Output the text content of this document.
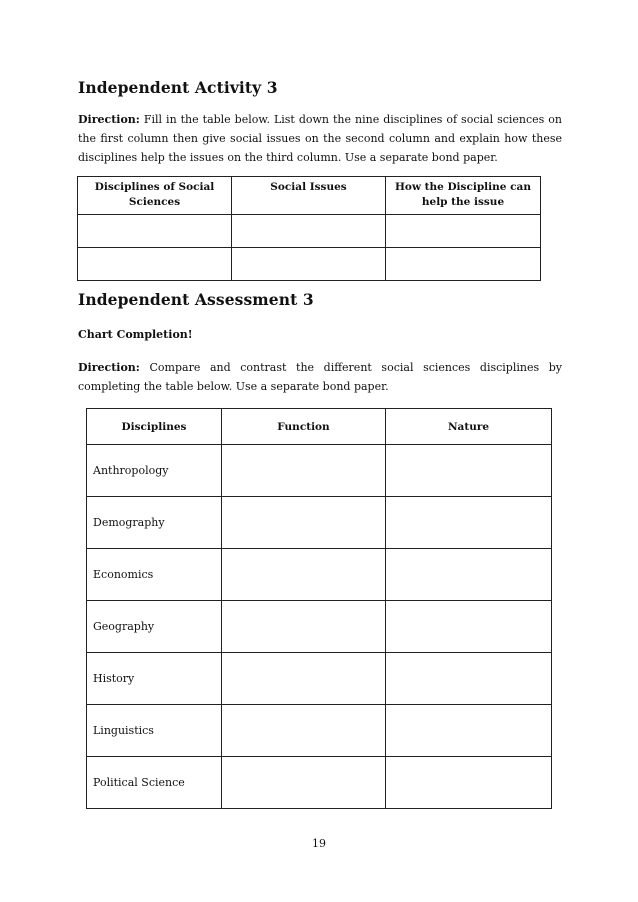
Independent Activity 3
Direction: Fill in the table below. List down the nine disciplines of social sciences on the first column then give social issues on the second column and explain how these disciplines help the issues on the third column. Use a separate bond paper.
Disciplines of Social Sciences	Social Issues	How the Discipline can help the issue

Independent Assessment 3
Chart Completion!
Direction: Compare and contrast the different social sciences disciplines by completing the table below. Use a separate bond paper.
Disciplines	Function	Nature
Anthropology		
Demography		
Economics		
Geography		
History		
Linguistics		
Political Science		
19
